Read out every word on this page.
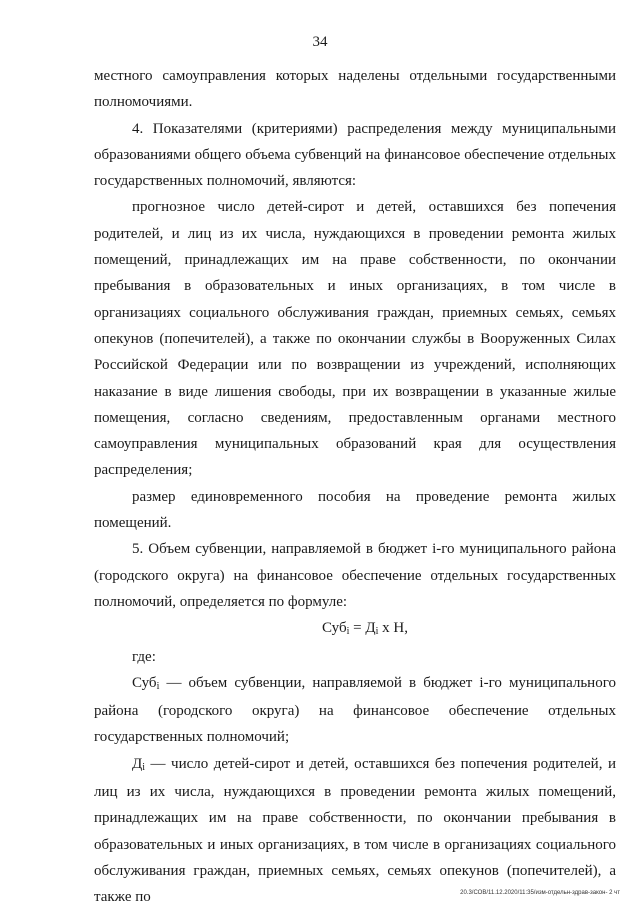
34

местного самоуправления которых наделены отдельными государственными полномочиями.

4. Показателями (критериями) распределения между муниципальными образованиями общего объема субвенций на финансовое обеспечение отдельных государственных полномочий, являются:

прогнозное число детей-сирот и детей, оставшихся без попечения родителей, и лиц из их числа, нуждающихся в проведении ремонта жилых помещений, принадлежащих им на праве собственности, по окончании пребывания в образовательных и иных организациях, в том числе в организациях социального обслуживания граждан, приемных семьях, семьях опекунов (попечителей), а также по окончании службы в Вооруженных Силах Российской Федерации или по возвращении из учреждений, исполняющих наказание в виде лишения свободы, при их возвращении в указанные жилые помещения, согласно сведениям, предоставленным органами местного самоуправления муниципальных образований края для осуществления распределения;

размер единовременного пособия на проведение ремонта жилых помещений.

5. Объем субвенции, направляемой в бюджет i-го муниципального района (городского округа) на финансовое обеспечение отдельных государственных полномочий, определяется по формуле:

$Суб_i = Д_i$ х Н,

где:

Суб$_i$ — объем субвенции, направляемой в бюджет i-го муниципального района (городского округа) на финансовое обеспечение отдельных государственных полномочий;

$Д_i$ — число детей-сирот и детей, оставшихся без попечения родителей, и лиц из их числа, нуждающихся в проведении ремонта жилых помещений, принадлежащих им на праве собственности, по окончании пребывания в образовательных и иных организациях, в том числе в организациях социального обслуживания граждан, приемных семьях, семьях опекунов (попечителей), а также по	20.3/СОВ/11.12.2020/11:35/изм-отдельн-здрав-закон- 2 чт
